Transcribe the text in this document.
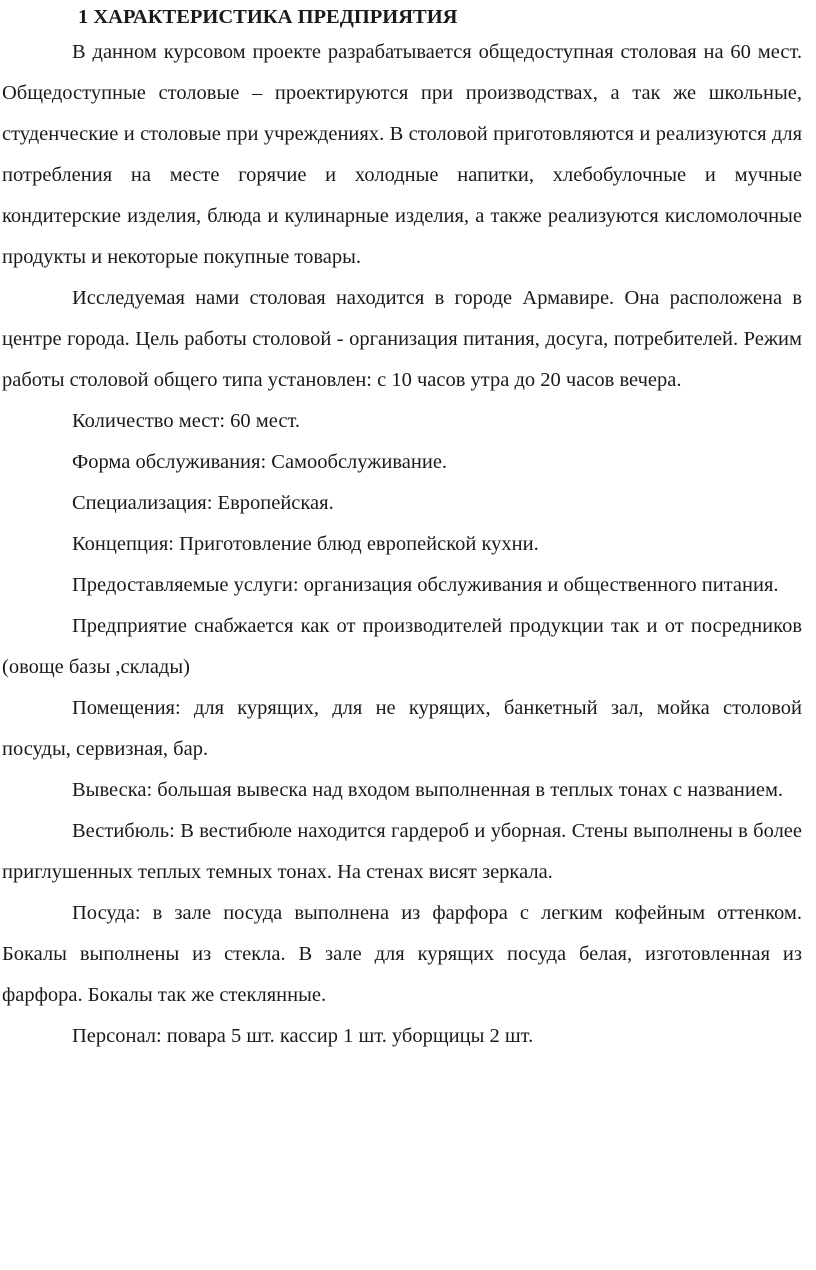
1 ХАРАКТЕРИСТИКА ПРЕДПРИЯТИЯ

В данном курсовом проекте разрабатывается общедоступная столовая на 60 мест. Общедоступные столовые – проектируются при производствах, а так же школьные, студенческие и столовые при учреждениях. В столовой приготовляются и реализуются для потребления на месте горячие и холодные напитки, хлебобулочные и мучные кондитерские изделия, блюда и кулинарные изделия, а также реализуются кисломолочные продукты и некоторые покупные товары.

Исследуемая нами столовая находится в городе Армавире. Она расположена в центре города. Цель работы столовой - организация питания, досуга, потребителей. Режим работы столовой общего типа установлен: с 10 часов утра до 20 часов вечера.

Количество мест: 60 мест.

Форма обслуживания: Самообслуживание.

Специализация: Европейская.

Концепция: Приготовление блюд европейской кухни.

Предоставляемые услуги: организация обслуживания и общественного питания.

Предприятие снабжается как от производителей продукции так и от посредников (овоще базы ,склады)

Помещения: для курящих, для не курящих, банкетный зал, мойка столовой посуды, сервизная, бар.

Вывеска: большая вывеска над входом выполненная в теплых тонах с названием.

Вестибюль: В вестибюле находится гардероб и уборная. Стены выполнены в более приглушенных теплых темных тонах. На стенах висят зеркала.

Посуда: в зале посуда выполнена из фарфора с легким кофейным оттенком. Бокалы выполнены из стекла. В зале для курящих посуда белая, изготовленная из фарфора. Бокалы так же стеклянные.

Персонал: повара 5 шт. кассир 1 шт. уборщицы 2 шт.
